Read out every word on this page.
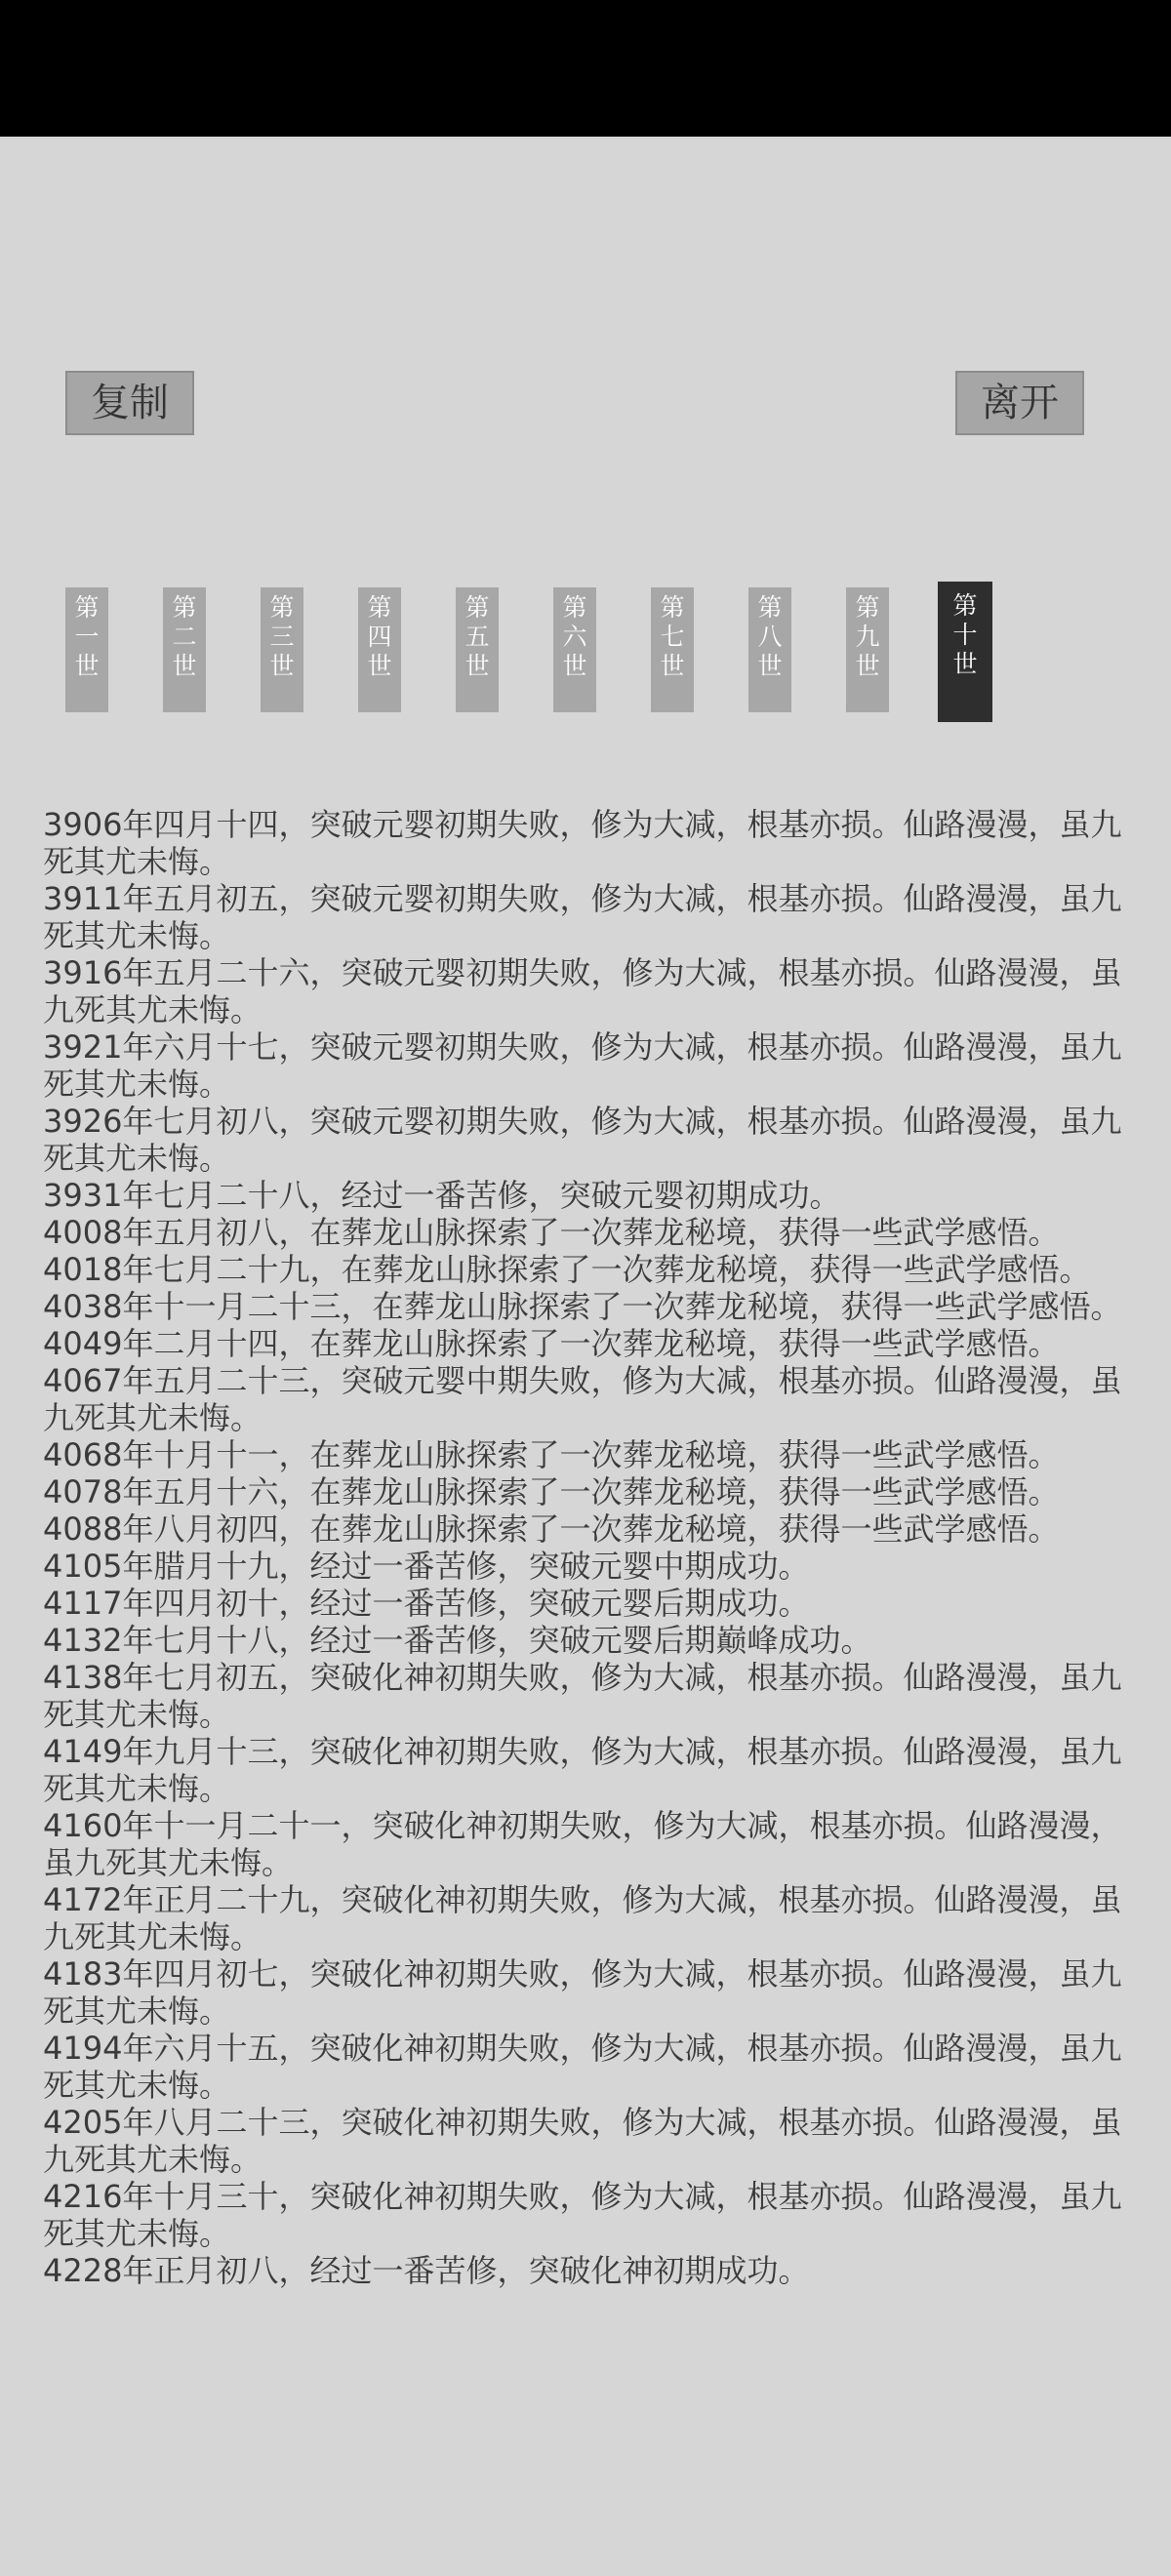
复制	离开
第
一
世
第
二
世
第
三
世
第
四
世
第
五
世
第
六
世
第
七
世
第
八
世
第
九
世
第
十
世

3906年四月十四，突破元婴初期失败，修为大减，根基亦损。仙路漫漫，虽九死其尤未悔。

3911年五月初五，突破元婴初期失败，修为大减，根基亦损。仙路漫漫，虽九死其尤未悔。

3916年五月二十六，突破元婴初期失败，修为大减，根基亦损。仙路漫漫，虽九死其尤未悔。

3921年六月十七，突破元婴初期失败，修为大减，根基亦损。仙路漫漫，虽九死其尤未悔。

3926年七月初八，突破元婴初期失败，修为大减，根基亦损。仙路漫漫，虽九死其尤未悔。

3931年七月二十八，经过一番苦修，突破元婴初期成功。

4008年五月初八，在葬龙山脉探索了一次葬龙秘境，获得一些武学感悟。

4018年七月二十九，在葬龙山脉探索了一次葬龙秘境，获得一些武学感悟。

4038年十一月二十三，在葬龙山脉探索了一次葬龙秘境，获得一些武学感悟。

4049年二月十四，在葬龙山脉探索了一次葬龙秘境，获得一些武学感悟。

4067年五月二十三，突破元婴中期失败，修为大减，根基亦损。仙路漫漫，虽九死其尤未悔。

4068年十月十一，在葬龙山脉探索了一次葬龙秘境，获得一些武学感悟。

4078年五月十六，在葬龙山脉探索了一次葬龙秘境，获得一些武学感悟。

4088年八月初四，在葬龙山脉探索了一次葬龙秘境，获得一些武学感悟。

4105年腊月十九，经过一番苦修，突破元婴中期成功。

4117年四月初十，经过一番苦修，突破元婴后期成功。

4132年七月十八，经过一番苦修，突破元婴后期巅峰成功。

4138年七月初五，突破化神初期失败，修为大减，根基亦损。仙路漫漫，虽九死其尤未悔。

4149年九月十三，突破化神初期失败，修为大减，根基亦损。仙路漫漫，虽九死其尤未悔。

4160年十一月二十一，突破化神初期失败，修为大减，根基亦损。仙路漫漫，虽九死其尤未悔。

4172年正月二十九，突破化神初期失败，修为大减，根基亦损。仙路漫漫，虽九死其尤未悔。

4183年四月初七，突破化神初期失败，修为大减，根基亦损。仙路漫漫，虽九死其尤未悔。

4194年六月十五，突破化神初期失败，修为大减，根基亦损。仙路漫漫，虽九死其尤未悔。

4205年八月二十三，突破化神初期失败，修为大减，根基亦损。仙路漫漫，虽九死其尤未悔。

4216年十月三十，突破化神初期失败，修为大减，根基亦损。仙路漫漫，虽九死其尤未悔。

4228年正月初八，经过一番苦修，突破化神初期成功。
